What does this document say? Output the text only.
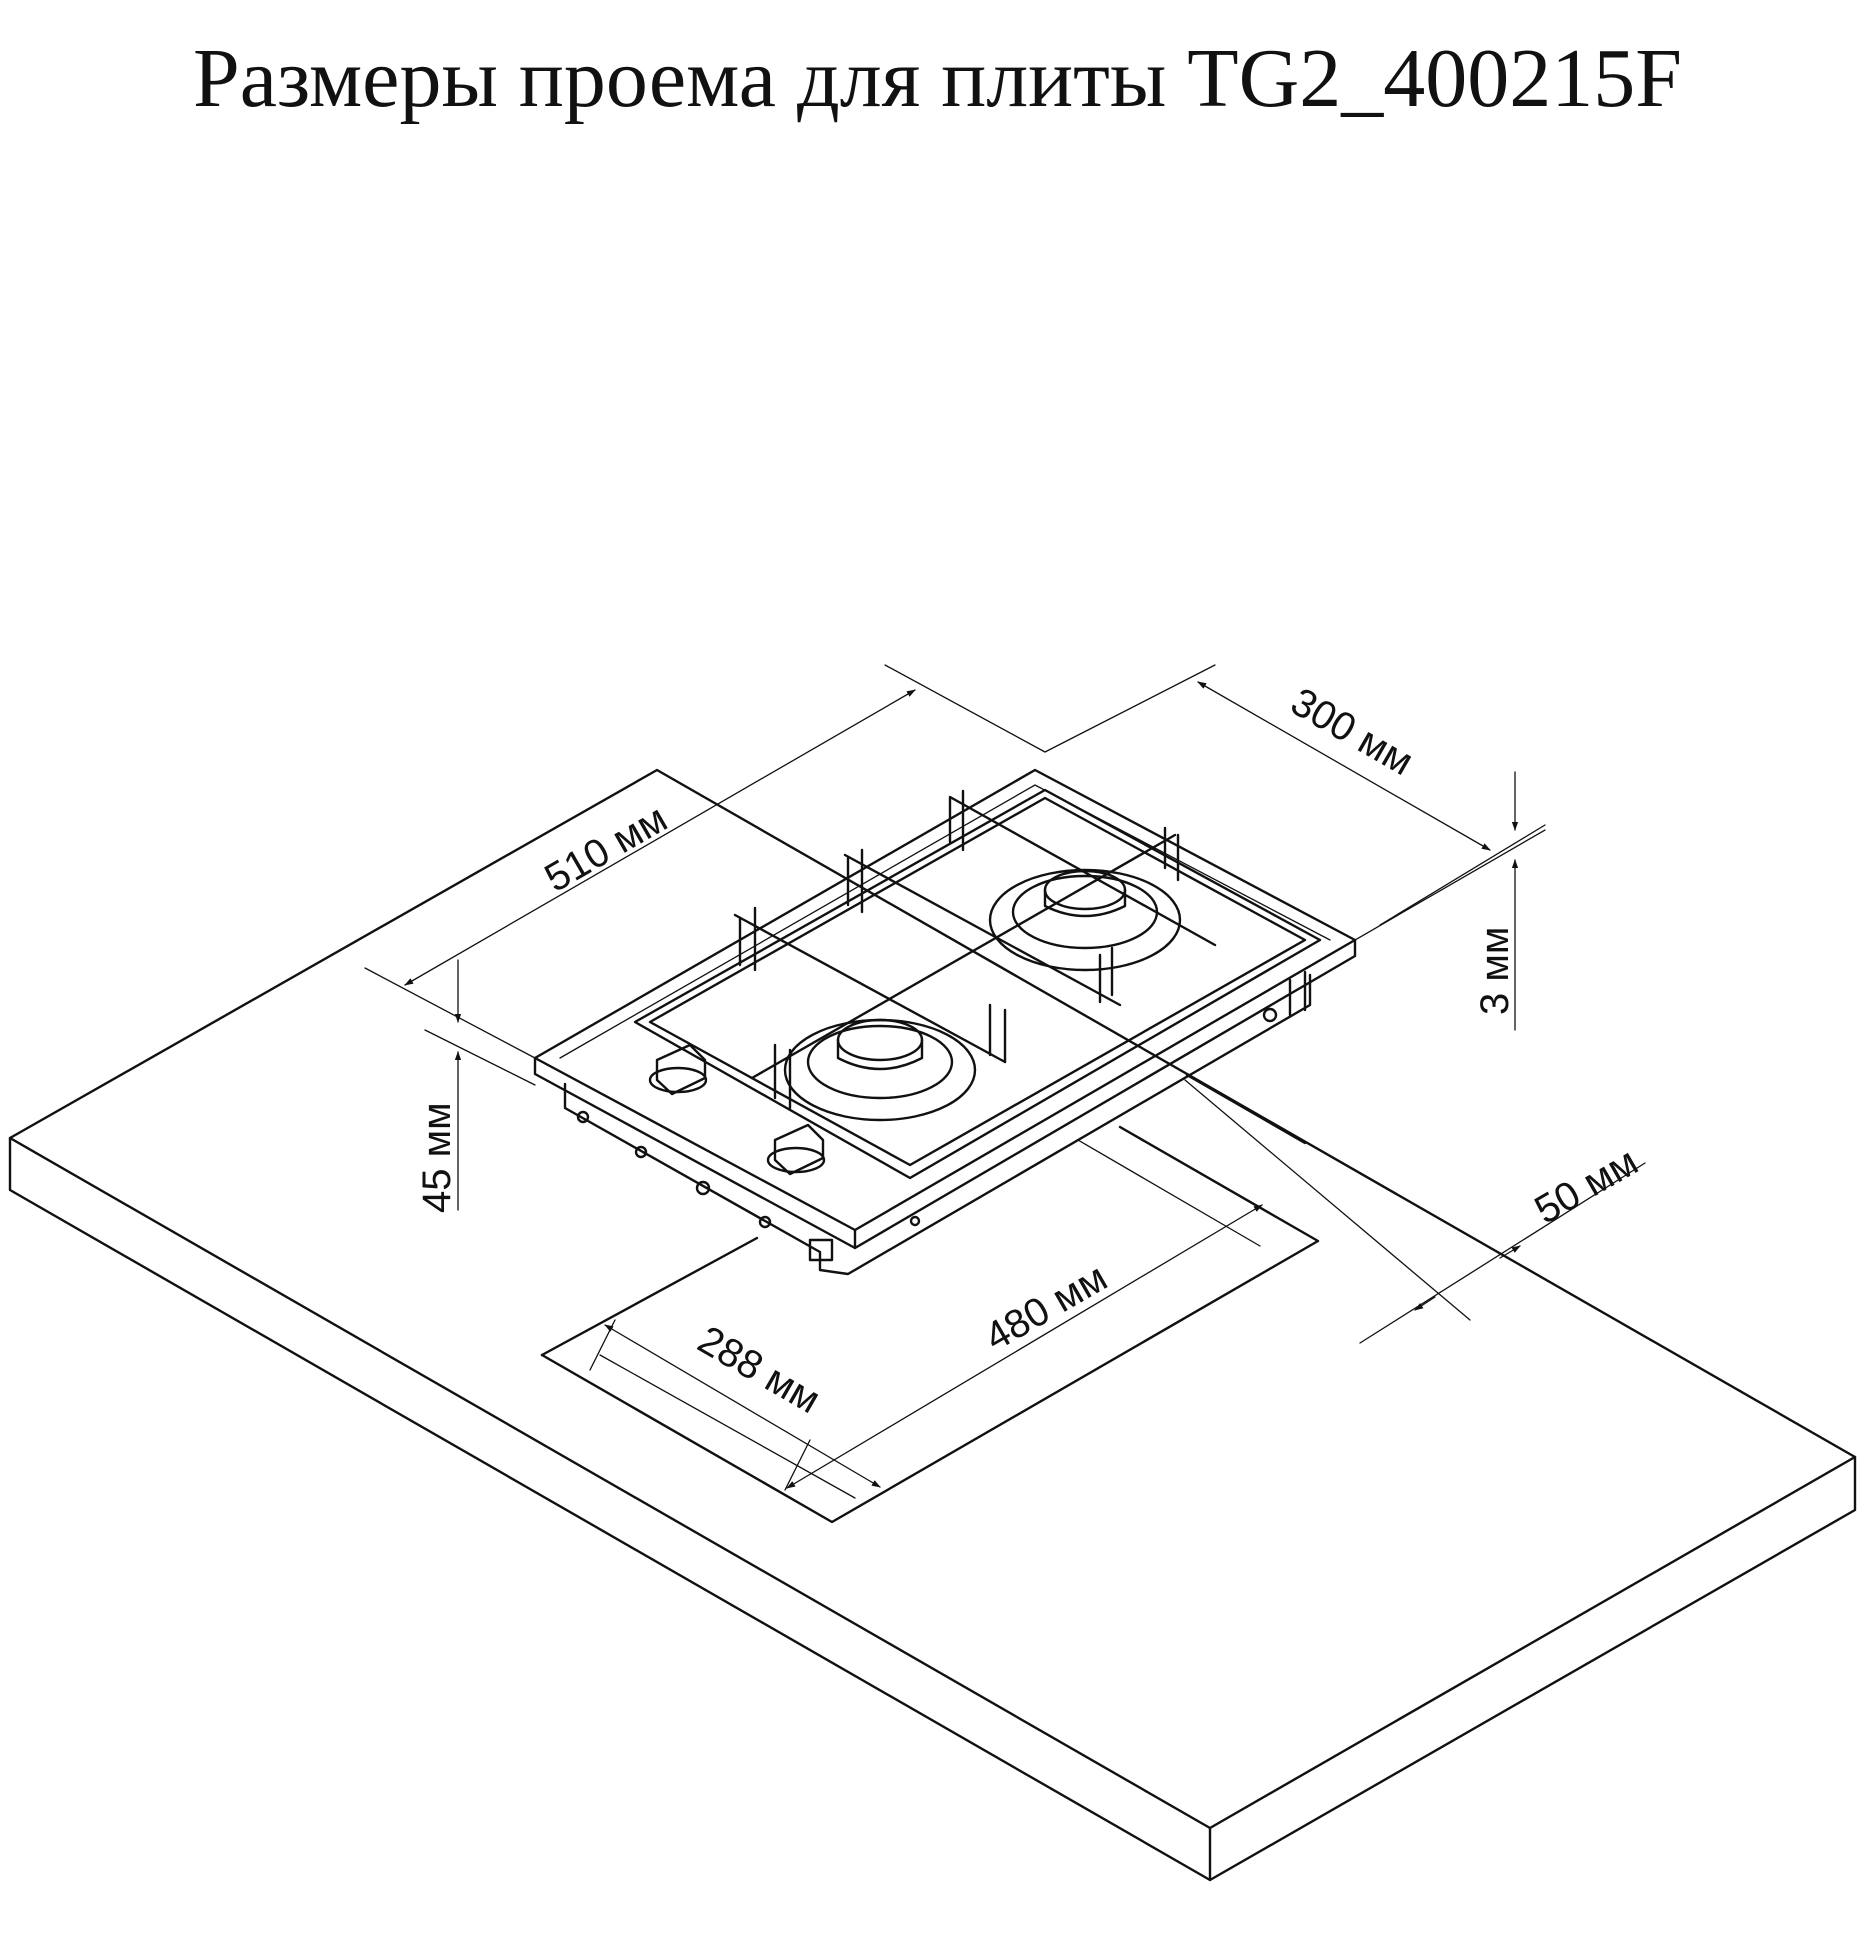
Размеры проема для плиты TG2_400215F
510 мм
300 мм
3 мм
45 мм
480 мм
288 мм
50 мм
